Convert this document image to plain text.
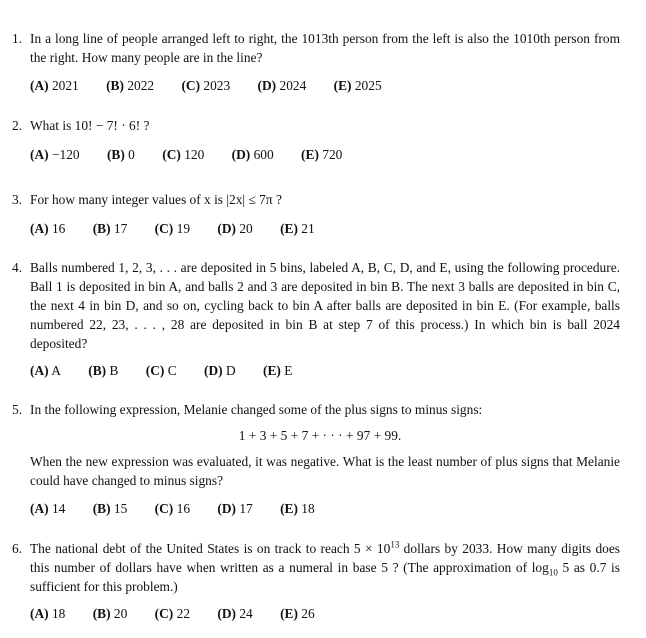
1. In a long line of people arranged left to right, the 1013th person from the left is also the 1010th person from the right. How many people are in the line?
(A) 2021 (B) 2022 (C) 2023 (D) 2024 (E) 2025
2. What is 10! − 7! · 6! ?
(A) −120 (B) 0 (C) 120 (D) 600 (E) 720
3. For how many integer values of x is |2x| ≤ 7π ?
(A) 16 (B) 17 (C) 19 (D) 20 (E) 21
4. Balls numbered 1, 2, 3, . . . are deposited in 5 bins, labeled A, B, C, D, and E, using the following procedure. Ball 1 is deposited in bin A, and balls 2 and 3 are deposited in bin B. The next 3 balls are deposited in bin C, the next 4 in bin D, and so on, cycling back to bin A after balls are deposited in bin E. (For example, balls numbered 22, 23, . . . , 28 are deposited in bin B at step 7 of this process.) In which bin is ball 2024 deposited?
(A) A (B) B (C) C (D) D (E) E
5. In the following expression, Melanie changed some of the plus signs to minus signs:
1 + 3 + 5 + 7 + · · · + 97 + 99.
When the new expression was evaluated, it was negative. What is the least number of plus signs that Melanie could have changed to minus signs?
(A) 14 (B) 15 (C) 16 (D) 17 (E) 18
6. The national debt of the United States is on track to reach $5 \times 10^{13}$ dollars by 2033. How many digits does this number of dollars have when written as a numeral in base 5 ? (The approximation of $\log_{10} 5$ as 0.7 is sufficient for this problem.)
(A) 18 (B) 20 (C) 22 (D) 24 (E) 26
